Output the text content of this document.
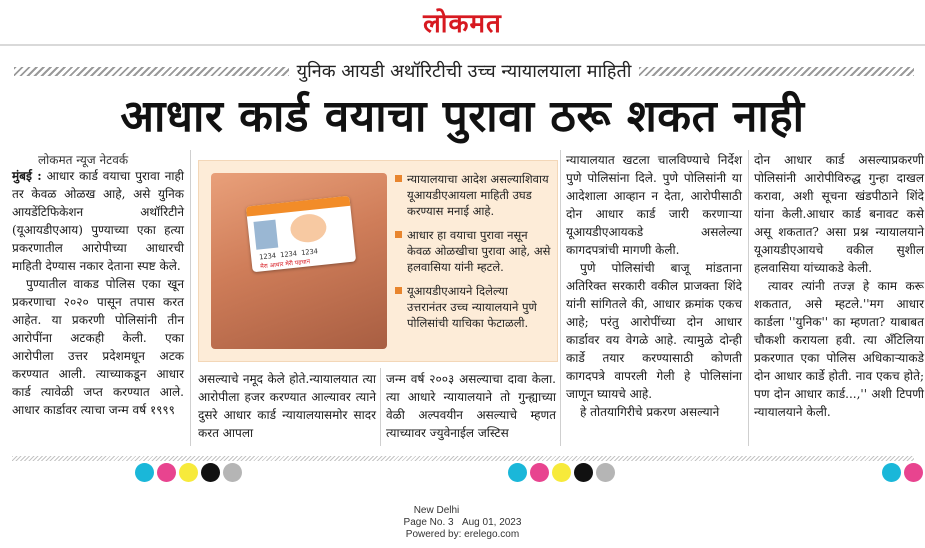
लोकमत
युनिक आयडी अथॉरिटीची उच्च न्यायालयाला माहिती
आधार कार्ड वयाचा पुरावा ठरू शकत नाही
लोकमत न्यूज नेटवर्क

मुंबई : आधार कार्ड वयाचा पुरावा नाही तर केवळ ओळख आहे, असे युनिक आयडेंटिफिकेशन अथॉरिटीने (यूआयडीएआय) पुण्याच्या एका हत्या प्रकरणातील आरोपीच्या आधारची माहिती देण्यास नकार देताना स्पष्ट केले.

पुण्यातील वाकड पोलिस एका खून प्रकरणाचा २०२० पासून तपास करत आहेत. या प्रकरणी पोलिसांनी तीन आरोपींना अटकही केली. एका आरोपीला उत्तर प्रदेशमधून अटक करण्यात आली. त्याच्याकडून आधार कार्ड त्यावेळी जप्त करण्यात आले. आधार कार्डावर त्याचा जन्म वर्ष १९९९

1234 1234 1234
मेरा आधार मेरी पहचान
न्यायालयाचा आदेश असल्याशिवाय यूआयडीएआयला माहिती उघड करण्यास मनाई आहे.
आधार हा वयाचा पुरावा नसून केवळ ओळखीचा पुरावा आहे, असे हलवासिया यांनी म्हटले.
यूआयडीएआयने दिलेल्या उत्तरानंतर उच्च न्यायालयाने पुणे पोलिसांची याचिका फेटाळली.

असल्याचे नमूद केले होते.न्यायालयात त्या आरोपीला हजर करण्यात आल्यावर त्याने दुसरे आधार कार्ड न्यायालयासमोर सादर करत आपला

जन्म वर्ष २००३ असल्याचा दावा केला. त्या आधारे न्यायालयाने तो गुन्ह्याच्या वेळी अल्पवयीन असल्याचे म्हणत त्याच्यावर ज्युवेनाईल जस्टिस

न्यायालयात खटला चालविण्याचे निर्देश पुणे पोलिसांना दिले. पुणे पोलिसांनी या आदेशाला आव्हान न देता, आरोपीसाठी दोन आधार कार्ड जारी करणाऱ्या यूआयडीएआयकडे असलेल्या कागदपत्रांची मागणी केली.

पुणे पोलिसांची बाजू मांडताना अतिरिक्त सरकारी वकील प्राजक्ता शिंदे यांनी सांगितले की, आधार क्रमांक एकच आहे; परंतु आरोपींच्या दोन आधार कार्डावर वय वेगळे आहे. त्यामुळे दोन्ही कार्डे तयार करण्यासाठी कोणती कागदपत्रे वापरली गेली हे पोलिसांना जाणून घ्यायचे आहे.

हे तोतयागिरीचे प्रकरण असल्याने

दोन आधार कार्ड असल्याप्रकरणी पोलिसांनी आरोपीविरुद्ध गुन्हा दाखल करावा, अशी सूचना खंडपीठाने शिंदे यांना केली.आधार कार्ड बनावट कसे असू शकतात? असा प्रश्न न्यायालयाने यूआयडीएआयचे वकील सुशील हलवासिया यांच्याकडे केली.

त्यावर त्यांनी तज्ज्ञ हे काम करू शकतात, असे म्हटले.''मग आधार कार्डला ''युनिक'' का म्हणता? याबाबत चौकशी करायला हवी. त्या अँटिलिया प्रकरणात एका पोलिस अधिकाऱ्याकडे दोन आधार कार्डे होती. नाव एकच होते; पण दोन आधार कार्ड...,'' अशी टिपणी न्यायालयाने केली.

New Delhi
Page No. 3 Aug 01, 2023
Powered by: erelego.com
